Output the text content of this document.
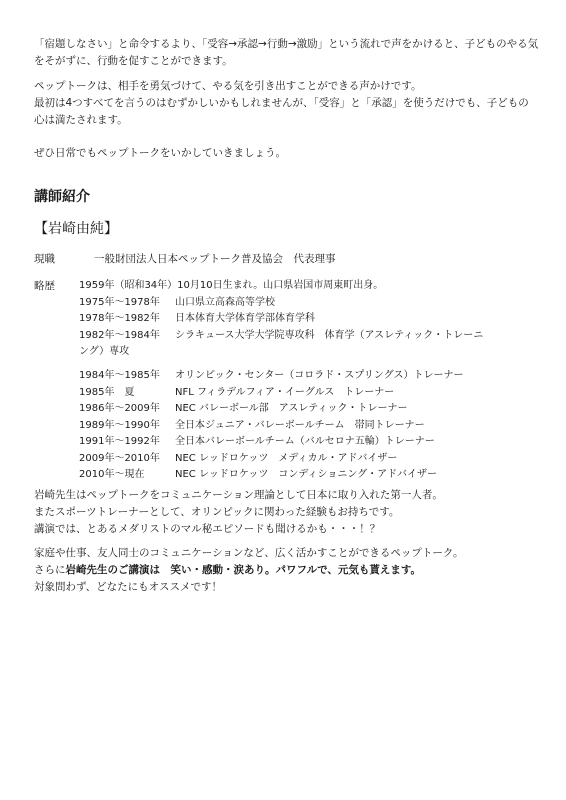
「宿題しなさい」と命令するより、「受容→承認→行動→激励」という流れで声をかけると、子どものやる気をそがずに、行動を促すことができます。

ペップトークは、相手を勇気づけて、やる気を引き出すことができる声かけです。

最初は4つすべてを言うのはむずかしいかもしれませんが、「受容」と「承認」を使うだけでも、子どもの心は満たされます。

ぜひ日常でもペップトークをいかしていきましょう。

講師紹介
【岩崎由純】
現職	一般財団法人日本ペップトーク普及協会　代表理事
略歴	1959年（昭和34年）10月10日生まれ。山口県岩国市周東町出身。
1975年～1978年 山口県立高森高等学校
1978年～1982年 日本体育大学体育学部体育学科
1982年～1984年 シラキュース大学大学院専攻科　体育学（アスレティック・トレーニ
ング）専攻
1984年～1985年 オリンピック・センター（コロラド・スプリングス）トレーナー
1985年　夏	NFL フィラデルフィア・イーグルス　トレーナー
1986年～2009年 NEC バレーボール部　アスレティック・トレーナー
1989年～1990年 全日本ジュニア・バレーボールチーム　帯同トレーナー
1991年～1992年 全日本バレーボールチーム（バルセロナ五輪）トレーナー
2009年～2010年 NEC レッドロケッツ　メディカル・アドバイザー
2010年～現在	NEC レッドロケッツ　コンディショニング・アドバイザー

岩崎先生はペップトークをコミュニケーション理論として日本に取り入れた第一人者。

またスポーツトレーナーとして、オリンピックに関わった経験もお持ちです。

講演では、とあるメダリストのマル秘エピソードも聞けるかも・・・！？

家庭や仕事、友人同士のコミュニケーションなど、広く活かすことができるペップトーク。

さらに岩崎先生のご講演は　笑い・感動・涙あり。パワフルで、元気も貰えます。

対象問わず、どなたにもオススメです！
